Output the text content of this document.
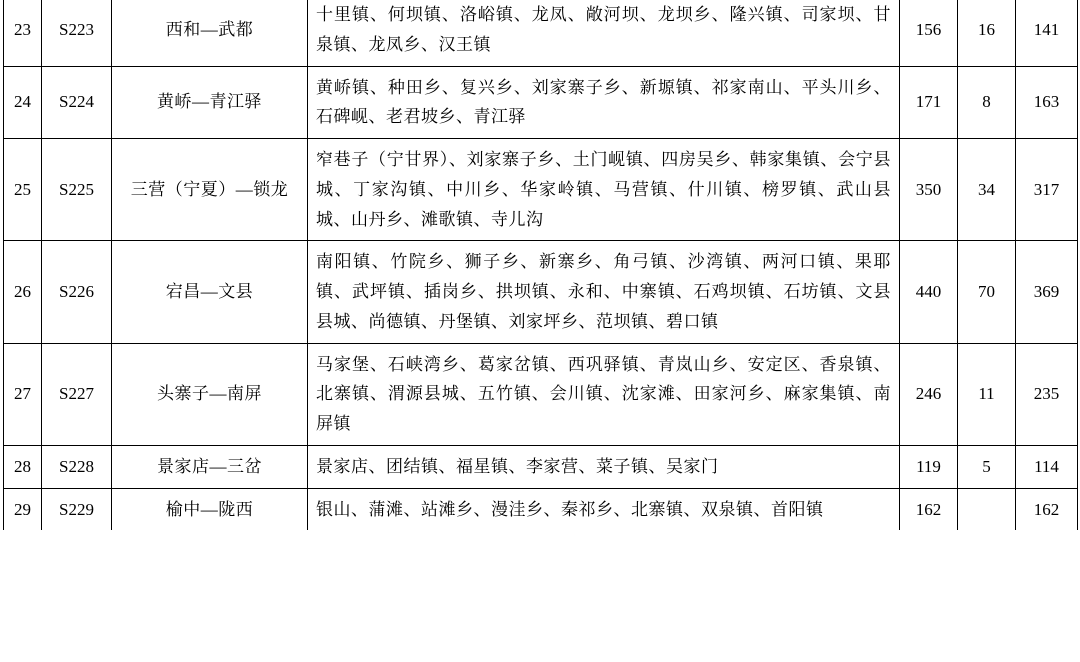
23	S223	西和—武都	十里镇、何坝镇、洛峪镇、龙凤、敞河坝、龙坝乡、隆兴镇、司家坝、甘泉镇、龙凤乡、汉王镇	156	16	141
24	S224	黄峤—青江驿	黄峤镇、种田乡、复兴乡、刘家寨子乡、新塬镇、祁家南山、平头川乡、石碑岘、老君坡乡、青江驿	171	8	163
25	S225	三营（宁夏）—锁龙	窄巷子（宁甘界）、刘家寨子乡、土门岘镇、四房吴乡、韩家集镇、会宁县城、丁家沟镇、中川乡、华家岭镇、马营镇、什川镇、榜罗镇、武山县城、山丹乡、滩歌镇、寺儿沟	350	34	317
26	S226	宕昌—文县	南阳镇、竹院乡、狮子乡、新寨乡、角弓镇、沙湾镇、两河口镇、果耶镇、武坪镇、插岗乡、拱坝镇、永和、中寨镇、石鸡坝镇、石坊镇、文县县城、尚德镇、丹堡镇、刘家坪乡、范坝镇、碧口镇	440	70	369
27	S227	头寨子—南屏	马家堡、石峡湾乡、葛家岔镇、西巩驿镇、青岚山乡、安定区、香泉镇、北寨镇、渭源县城、五竹镇、会川镇、沈家滩、田家河乡、麻家集镇、南屏镇	246	11	235
28	S228	景家店—三岔	景家店、团结镇、福星镇、李家营、菜子镇、吴家门	119	5	114
29	S229	榆中—陇西	银山、蒲滩、站滩乡、漫洼乡、秦祁乡、北寨镇、双泉镇、首阳镇	162		162
